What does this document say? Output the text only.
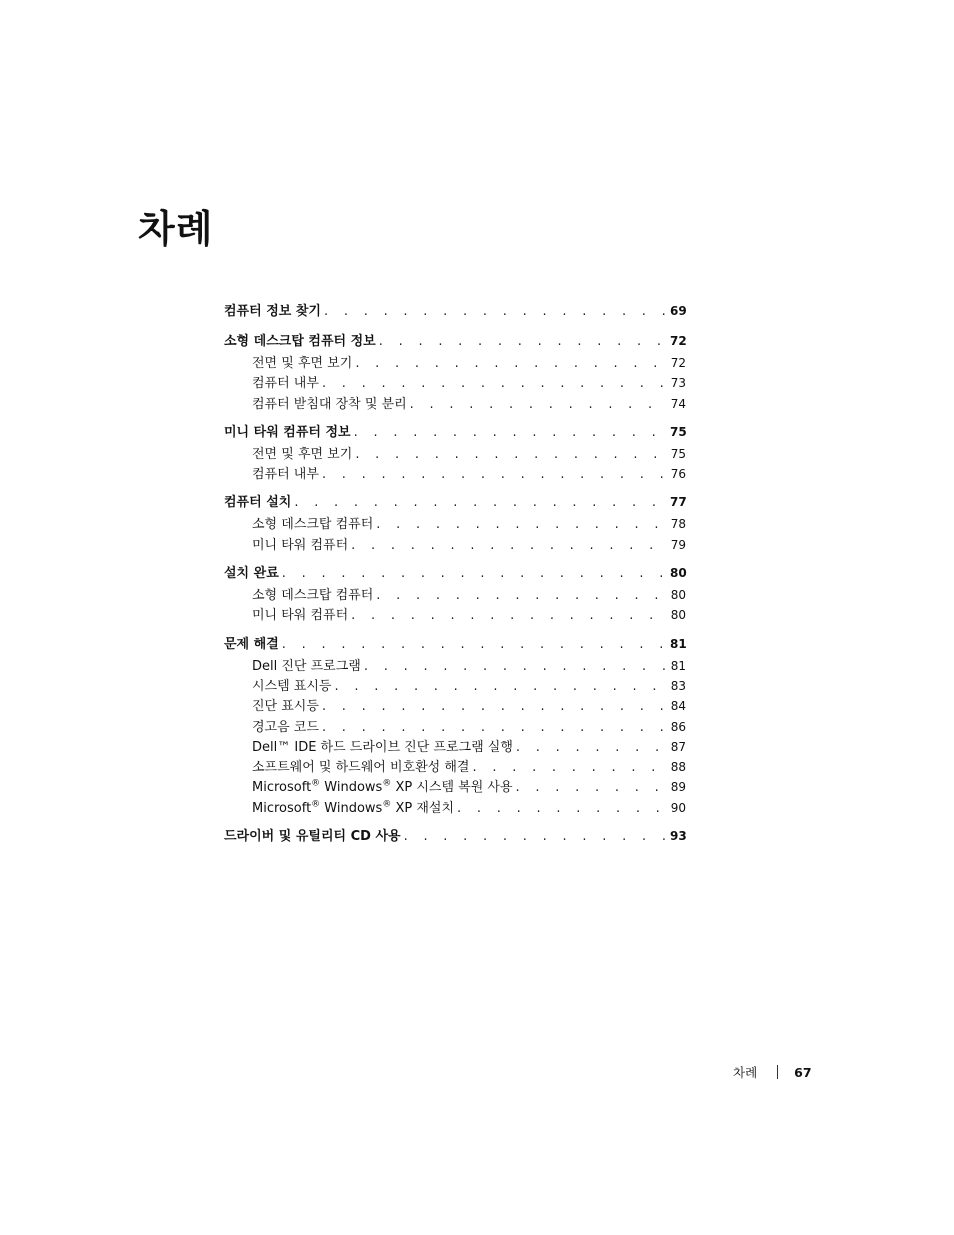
차례
컴퓨터 정보 찾기 . . .	69
소형 데스크탑 컴퓨터 정보 . . .	72
전면 및 후면 보기 . . .	72
컴퓨터 내부 . . .	73
컴퓨터 받침대 장착 및 분리 . . .	74
미니 타워 컴퓨터 정보 . . .	75
전면 및 후면 보기 . . .	75
컴퓨터 내부 . . .	76
컴퓨터 설치 . . .	77
소형 데스크탑 컴퓨터 . . .	78
미니 타워 컴퓨터 . . .	79
설치 완료 . . .	80
소형 데스크탑 컴퓨터 . . .	80
미니 타워 컴퓨터 . . .	80
문제 해결 . . .	81
Dell 진단 프로그램 . . .	81
시스템 표시등 . . .	83
진단 표시등 . . .	84
경고음 코드 . . .	86
Dell™ IDE 하드 드라이브 진단 프로그램 실행 . . .	87
소프트웨어 및 하드웨어 비호환성 해결 . . .	88
Microsoft® Windows® XP 시스템 복원 사용 . . .	89
Microsoft® Windows® XP 재설치 . . .	90
드라이버 및 유틸리티 CD 사용 . . .	93
차례	67
